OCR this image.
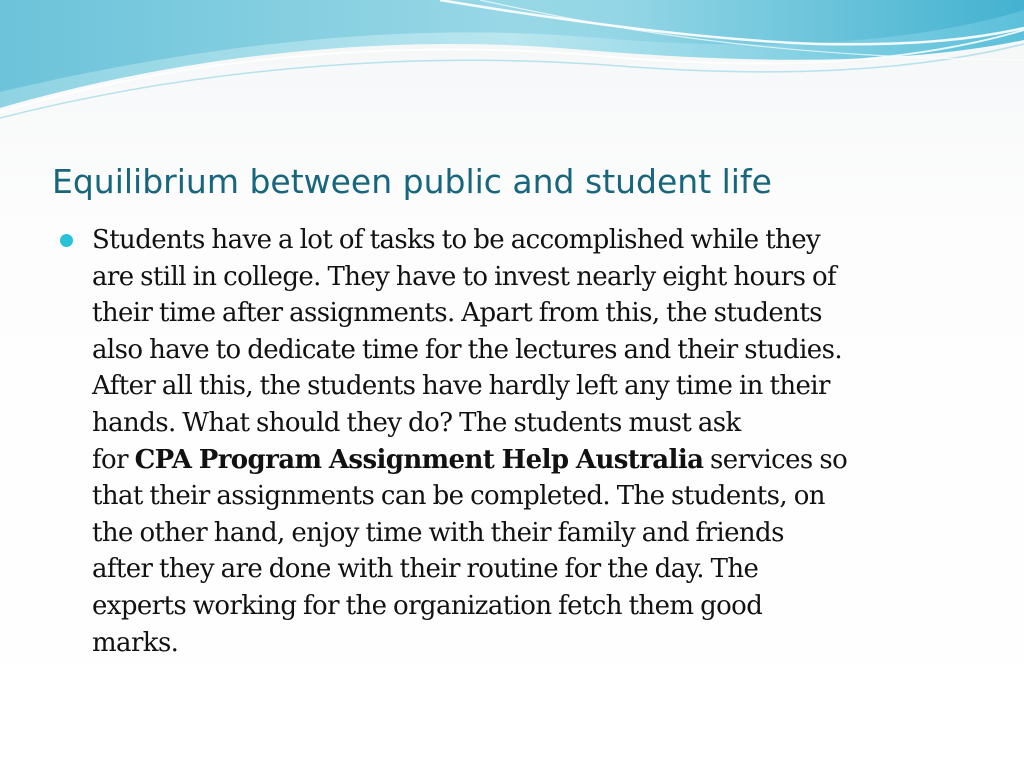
Equilibrium between public and student life
Students have a lot of tasks to be accomplished while they
are still in college. They have to invest nearly eight hours of
their time after assignments. Apart from this, the students
also have to dedicate time for the lectures and their studies.
After all this, the students have hardly left any time in their
hands. What should they do? The students must ask
for CPA Program Assignment Help Australia services so
that their assignments can be completed. The students, on
the other hand, enjoy time with their family and friends
after they are done with their routine for the day. The
experts working for the organization fetch them good
marks.
